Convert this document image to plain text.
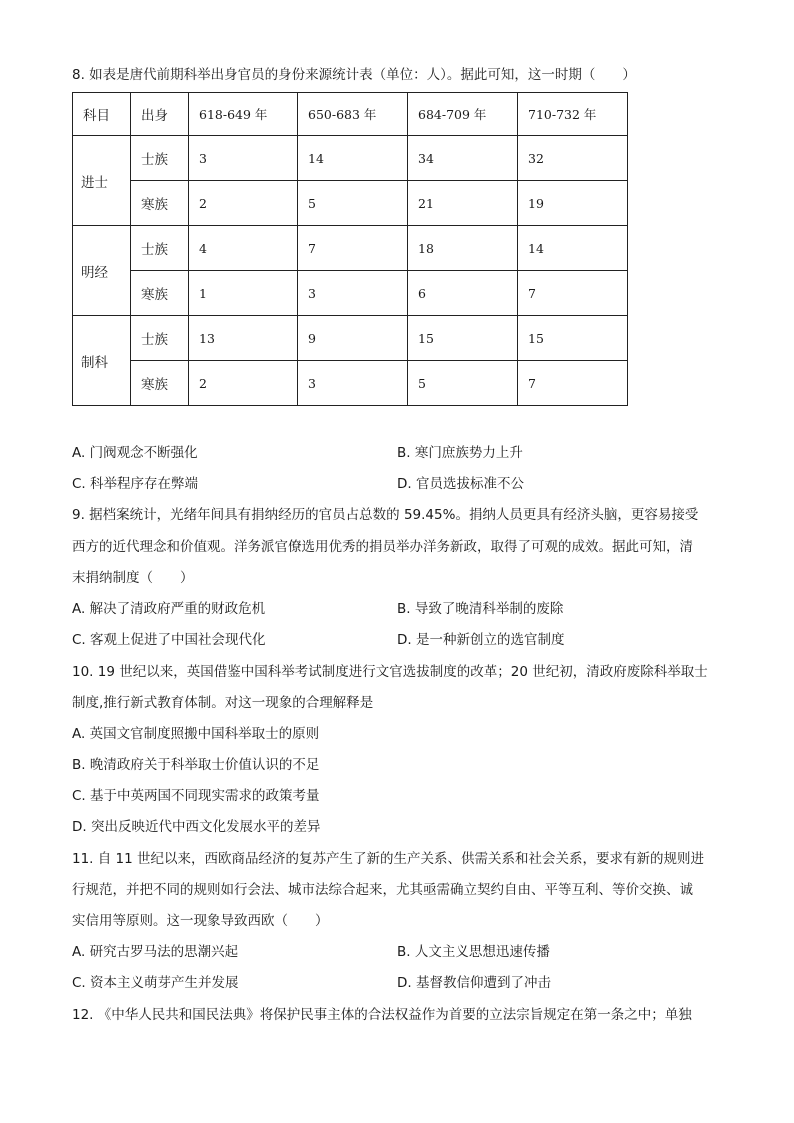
8. 如表是唐代前期科举出身官员的身份来源统计表（单位：人）。据此可知，这一时期（　　）
科目	出身	618-649 年	650-683 年	684-709 年	710-732 年
进士	士族	3	14	34	32
	寒族	2	5	21	19
明经	士族	4	7	18	14
	寒族	1	3	6	7
制科	士族	13	9	15	15
	寒族	2	3	5	7
A. 门阀观念不断强化	B. 寒门庶族势力上升
C. 科举程序存在弊端	D. 官员选拔标准不公
9. 据档案统计，光绪年间具有捐纳经历的官员占总数的 59.45%。捐纳人员更具有经济头脑，更容易接受
西方的近代理念和价值观。洋务派官僚选用优秀的捐员举办洋务新政，取得了可观的成效。据此可知，清
末捐纳制度（　　）
A. 解决了清政府严重的财政危机	B. 导致了晚清科举制的废除
C. 客观上促进了中国社会现代化	D. 是一种新创立的选官制度
10. 19 世纪以来，英国借鉴中国科举考试制度进行文官选拔制度的改革；20 世纪初，清政府废除科举取士
制度,推行新式教育体制。对这一现象的合理解释是
A. 英国文官制度照搬中国科举取士的原则
B. 晚清政府关于科举取士价值认识的不足
C. 基于中英两国不同现实需求的政策考量
D. 突出反映近代中西文化发展水平的差异
11. 自 11 世纪以来，西欧商品经济的复苏产生了新的生产关系、供需关系和社会关系，要求有新的规则进
行规范，并把不同的规则如行会法、城市法综合起来，尤其亟需确立契约自由、平等互利、等价交换、诚
实信用等原则。这一现象导致西欧（　　）
A. 研究古罗马法的思潮兴起	B. 人文主义思想迅速传播
C. 资本主义萌芽产生并发展	D. 基督教信仰遭到了冲击
12. 《中华人民共和国民法典》将保护民事主体的合法权益作为首要的立法宗旨规定在第一条之中；单独
